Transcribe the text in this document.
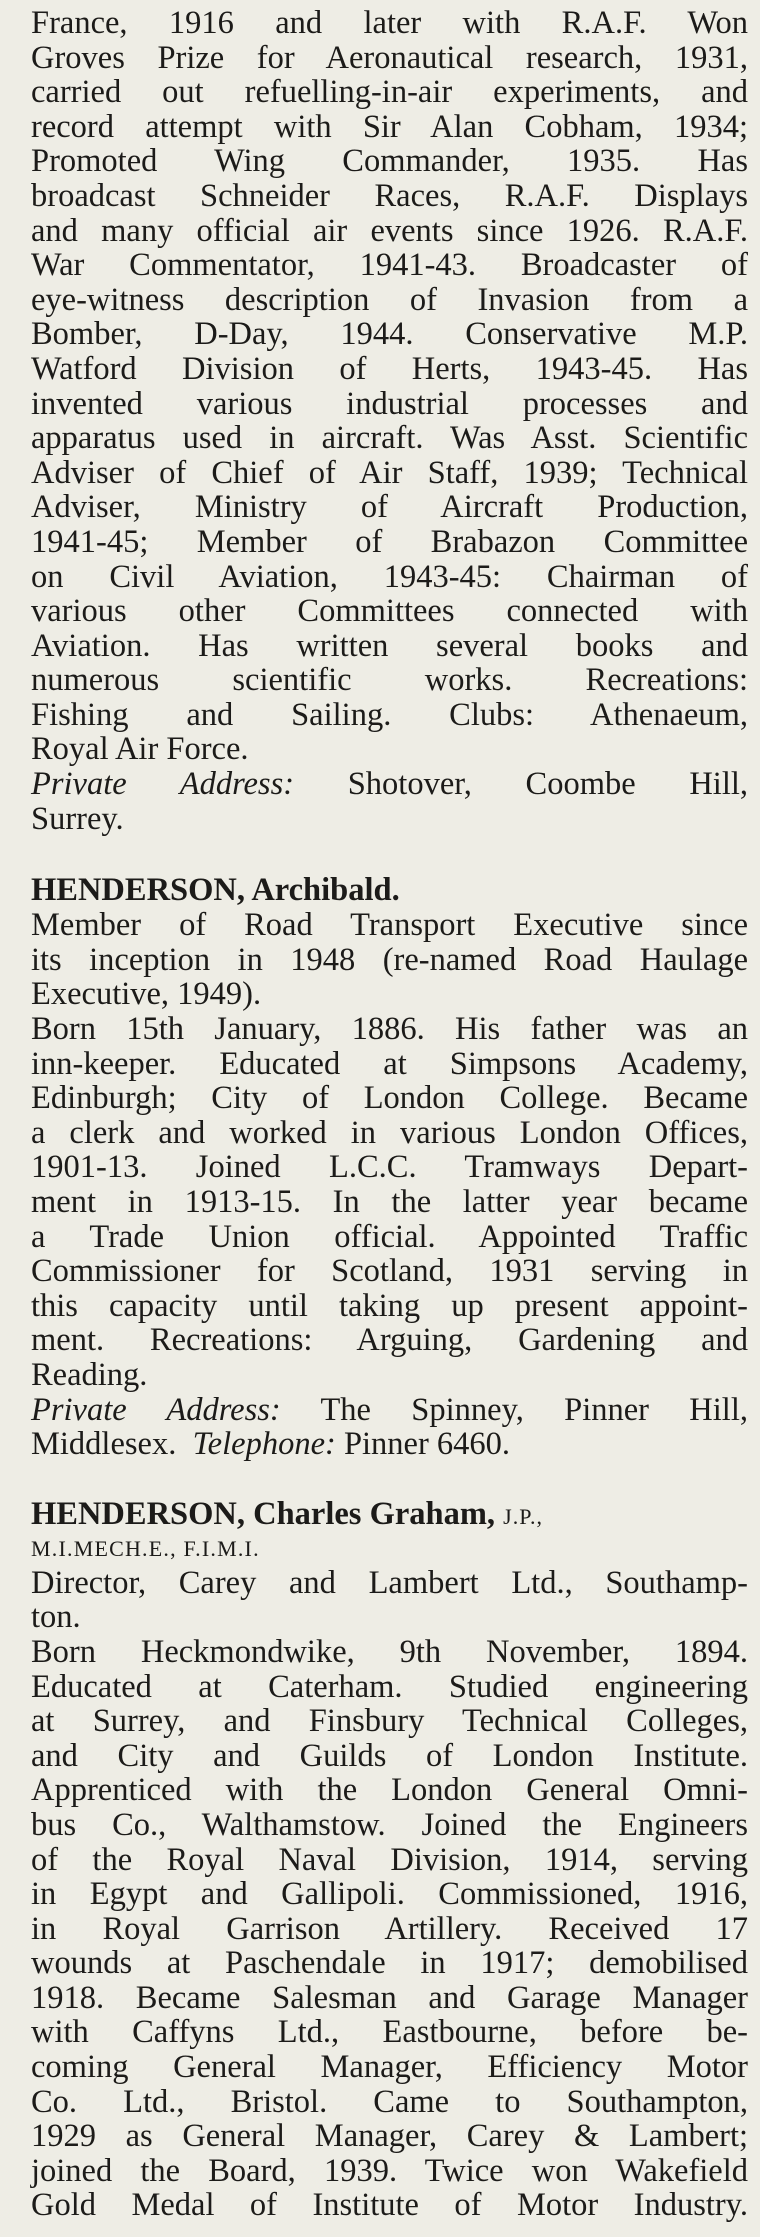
France, 1916 and later with R.A.F. Won
Groves Prize for Aeronautical research, 1931,
carried out refuelling-in-air experiments, and
record attempt with Sir Alan Cobham, 1934;
Promoted Wing Commander, 1935. Has
broadcast Schneider Races, R.A.F. Displays
and many official air events since 1926. R.A.F.
War Commentator, 1941-43. Broadcaster of
eye-witness description of Invasion from a
Bomber, D-Day, 1944. Conservative M.P.
Watford Division of Herts, 1943-45. Has
invented various industrial processes and
apparatus used in aircraft. Was Asst. Scientific
Adviser of Chief of Air Staff, 1939; Technical
Adviser, Ministry of Aircraft Production,
1941-45; Member of Brabazon Committee
on Civil Aviation, 1943-45: Chairman of
various other Committees connected with
Aviation. Has written several books and
numerous scientific works. Recreations:
Fishing and Sailing. Clubs: Athenaeum,
Royal Air Force.
Private Address: Shotover, Coombe Hill,
Surrey.
HENDERSON, Archibald.
Member of Road Transport Executive since
its inception in 1948 (re-named Road Haulage
Executive, 1949).
Born 15th January, 1886. His father was an
inn-keeper. Educated at Simpsons Academy,
Edinburgh; City of London College. Became
a clerk and worked in various London Offices,
1901-13. Joined L.C.C. Tramways Depart-
ment in 1913-15. In the latter year became
a Trade Union official. Appointed Traffic
Commissioner for Scotland, 1931 serving in
this capacity until taking up present appoint-
ment. Recreations: Arguing, Gardening and
Reading.
Private Address: The Spinney, Pinner Hill,
Middlesex. Telephone: Pinner 6460.
HENDERSON, Charles Graham, J.P.,
M.I.MECH.E., F.I.M.I.
Director, Carey and Lambert Ltd., Southamp-
ton.
Born Heckmondwike, 9th November, 1894.
Educated at Caterham. Studied engineering
at Surrey, and Finsbury Technical Colleges,
and City and Guilds of London Institute.
Apprenticed with the London General Omni-
bus Co., Walthamstow. Joined the Engineers
of the Royal Naval Division, 1914, serving
in Egypt and Gallipoli. Commissioned, 1916,
in Royal Garrison Artillery. Received 17
wounds at Paschendale in 1917; demobilised
1918. Became Salesman and Garage Manager
with Caffyns Ltd., Eastbourne, before be-
coming General Manager, Efficiency Motor
Co. Ltd., Bristol. Came to Southampton,
1929 as General Manager, Carey & Lambert;
joined the Board, 1939. Twice won Wakefield
Gold Medal of Institute of Motor Industry.
